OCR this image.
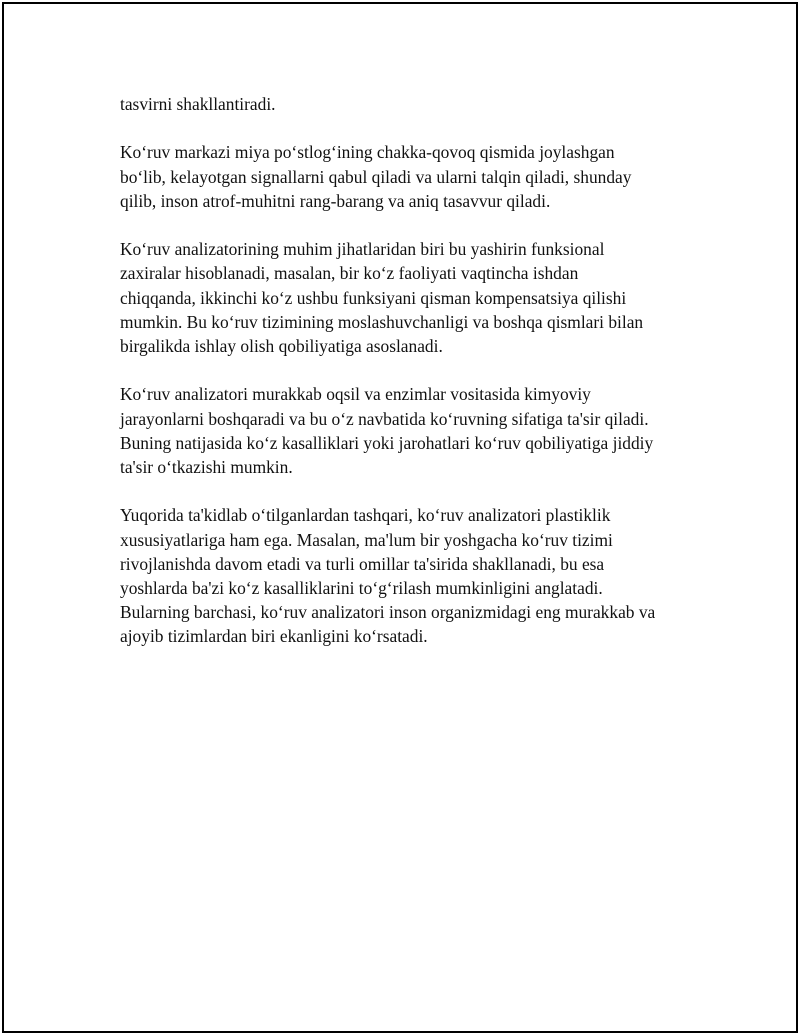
tasvirni shakllantiradi.

Ko‘ruv markazi miya po‘stlog‘ining chakka-qovoq qismida joylashgan
bo‘lib, kelayotgan signallarni qabul qiladi va ularni talqin qiladi, shunday
qilib, inson atrof-muhitni rang-barang va aniq tasavvur qiladi.

Ko‘ruv analizatorining muhim jihatlaridan biri bu yashirin funksional
zaxiralar hisoblanadi, masalan, bir ko‘z faoliyati vaqtincha ishdan
chiqqanda, ikkinchi ko‘z ushbu funksiyani qisman kompensatsiya qilishi
mumkin. Bu ko‘ruv tizimining moslashuvchanligi va boshqa qismlari bilan
birgalikda ishlay olish qobiliyatiga asoslanadi.

Ko‘ruv analizatori murakkab oqsil va enzimlar vositasida kimyoviy
jarayonlarni boshqaradi va bu o‘z navbatida ko‘ruvning sifatiga ta'sir qiladi.
Buning natijasida ko‘z kasalliklari yoki jarohatlari ko‘ruv qobiliyatiga jiddiy
ta'sir o‘tkazishi mumkin.

Yuqorida ta'kidlab o‘tilganlardan tashqari, ko‘ruv analizatori plastiklik
xususiyatlariga ham ega. Masalan, ma'lum bir yoshgacha ko‘ruv tizimi
rivojlanishda davom etadi va turli omillar ta'sirida shakllanadi, bu esa
yoshlarda ba'zi ko‘z kasalliklarini to‘g‘rilash mumkinligini anglatadi.
Bularning barchasi, ko‘ruv analizatori inson organizmidagi eng murakkab va
ajoyib tizimlardan biri ekanligini ko‘rsatadi.
